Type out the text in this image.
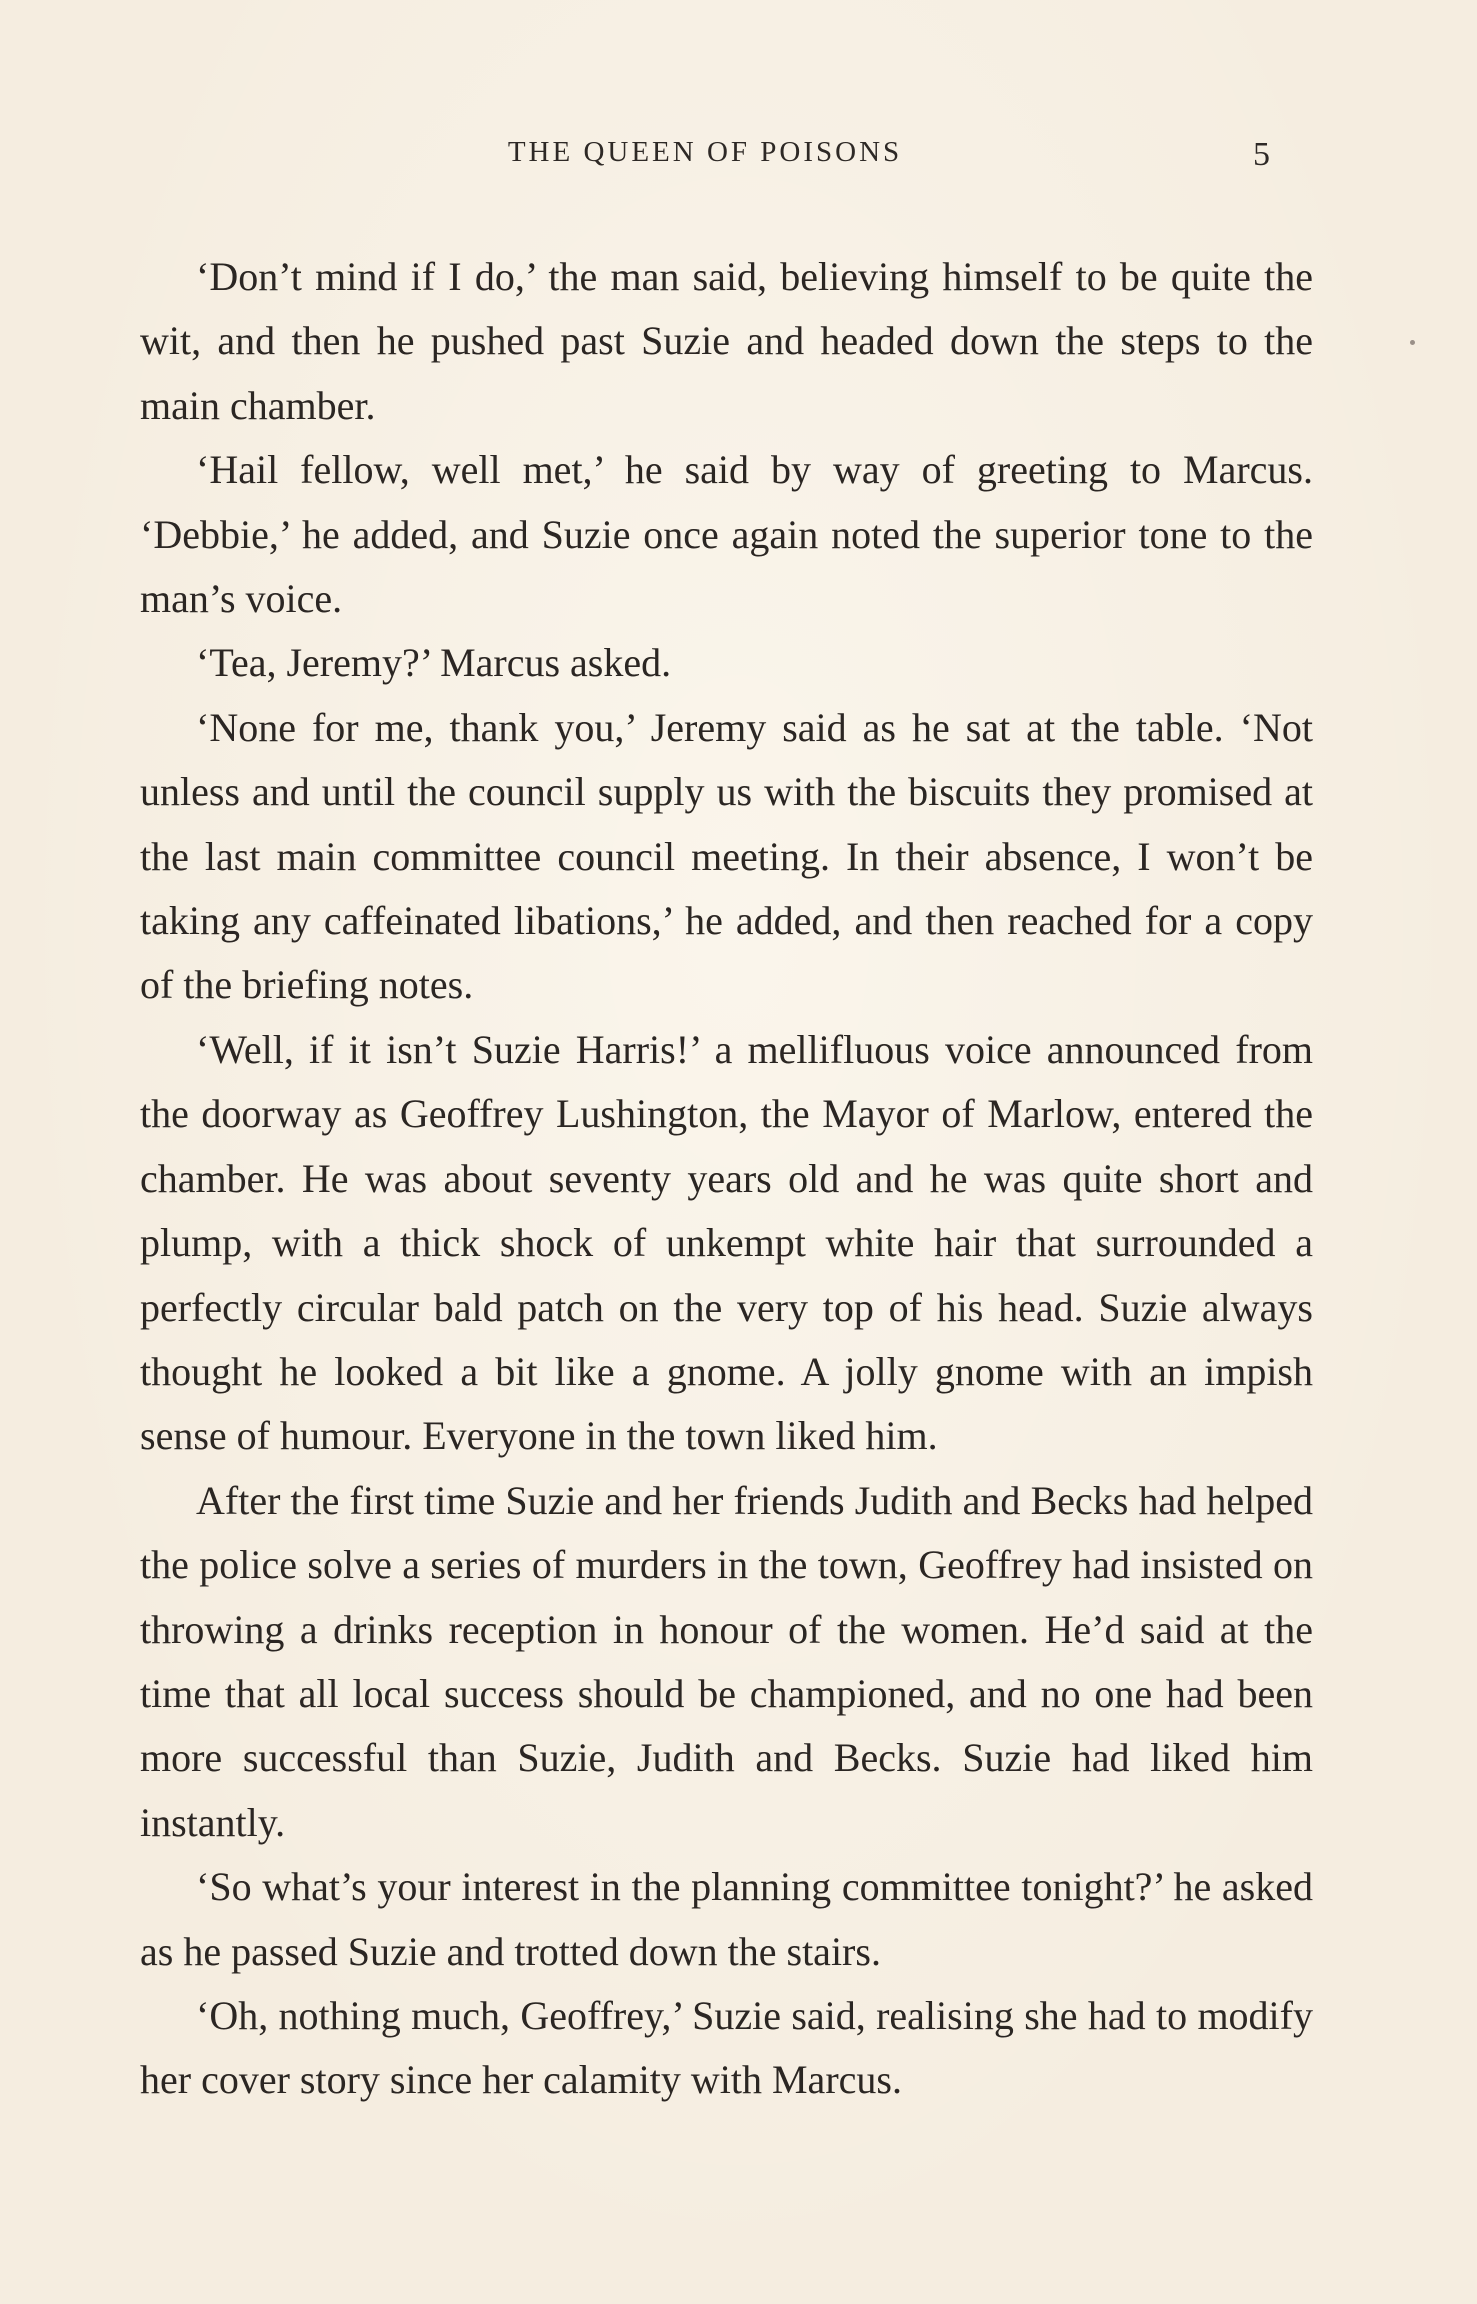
THE QUEEN OF POISONS	5

‘Don’t mind if I do,’ the man said, believing himself to be quite the wit, and then he pushed past Suzie and headed down the steps to the main chamber.

‘Hail fellow, well met,’ he said by way of greeting to Marcus. ‘Debbie,’ he added, and Suzie once again noted the superior tone to the man’s voice.

‘Tea, Jeremy?’ Marcus asked.

‘None for me, thank you,’ Jeremy said as he sat at the table. ‘Not unless and until the council supply us with the biscuits they promised at the last main committee council meeting. In their absence, I won’t be taking any caffeinated libations,’ he added, and then reached for a copy of the briefing notes.

‘Well, if it isn’t Suzie Harris!’ a mellifluous voice announced from the doorway as Geoffrey Lushington, the Mayor of Marlow, entered the chamber. He was about seventy years old and he was quite short and plump, with a thick shock of unkempt white hair that surrounded a perfectly circular bald patch on the very top of his head. Suzie always thought he looked a bit like a gnome. A jolly gnome with an impish sense of humour. Everyone in the town liked him.

After the first time Suzie and her friends Judith and Becks had helped the police solve a series of murders in the town, Geoffrey had insisted on throwing a drinks reception in honour of the women. He’d said at the time that all local success should be championed, and no one had been more successful than Suzie, Judith and Becks. Suzie had liked him instantly.

‘So what’s your interest in the planning committee tonight?’ he asked as he passed Suzie and trotted down the stairs.

‘Oh, nothing much, Geoffrey,’ Suzie said, realising she had to modify her cover story since her calamity with Marcus.
